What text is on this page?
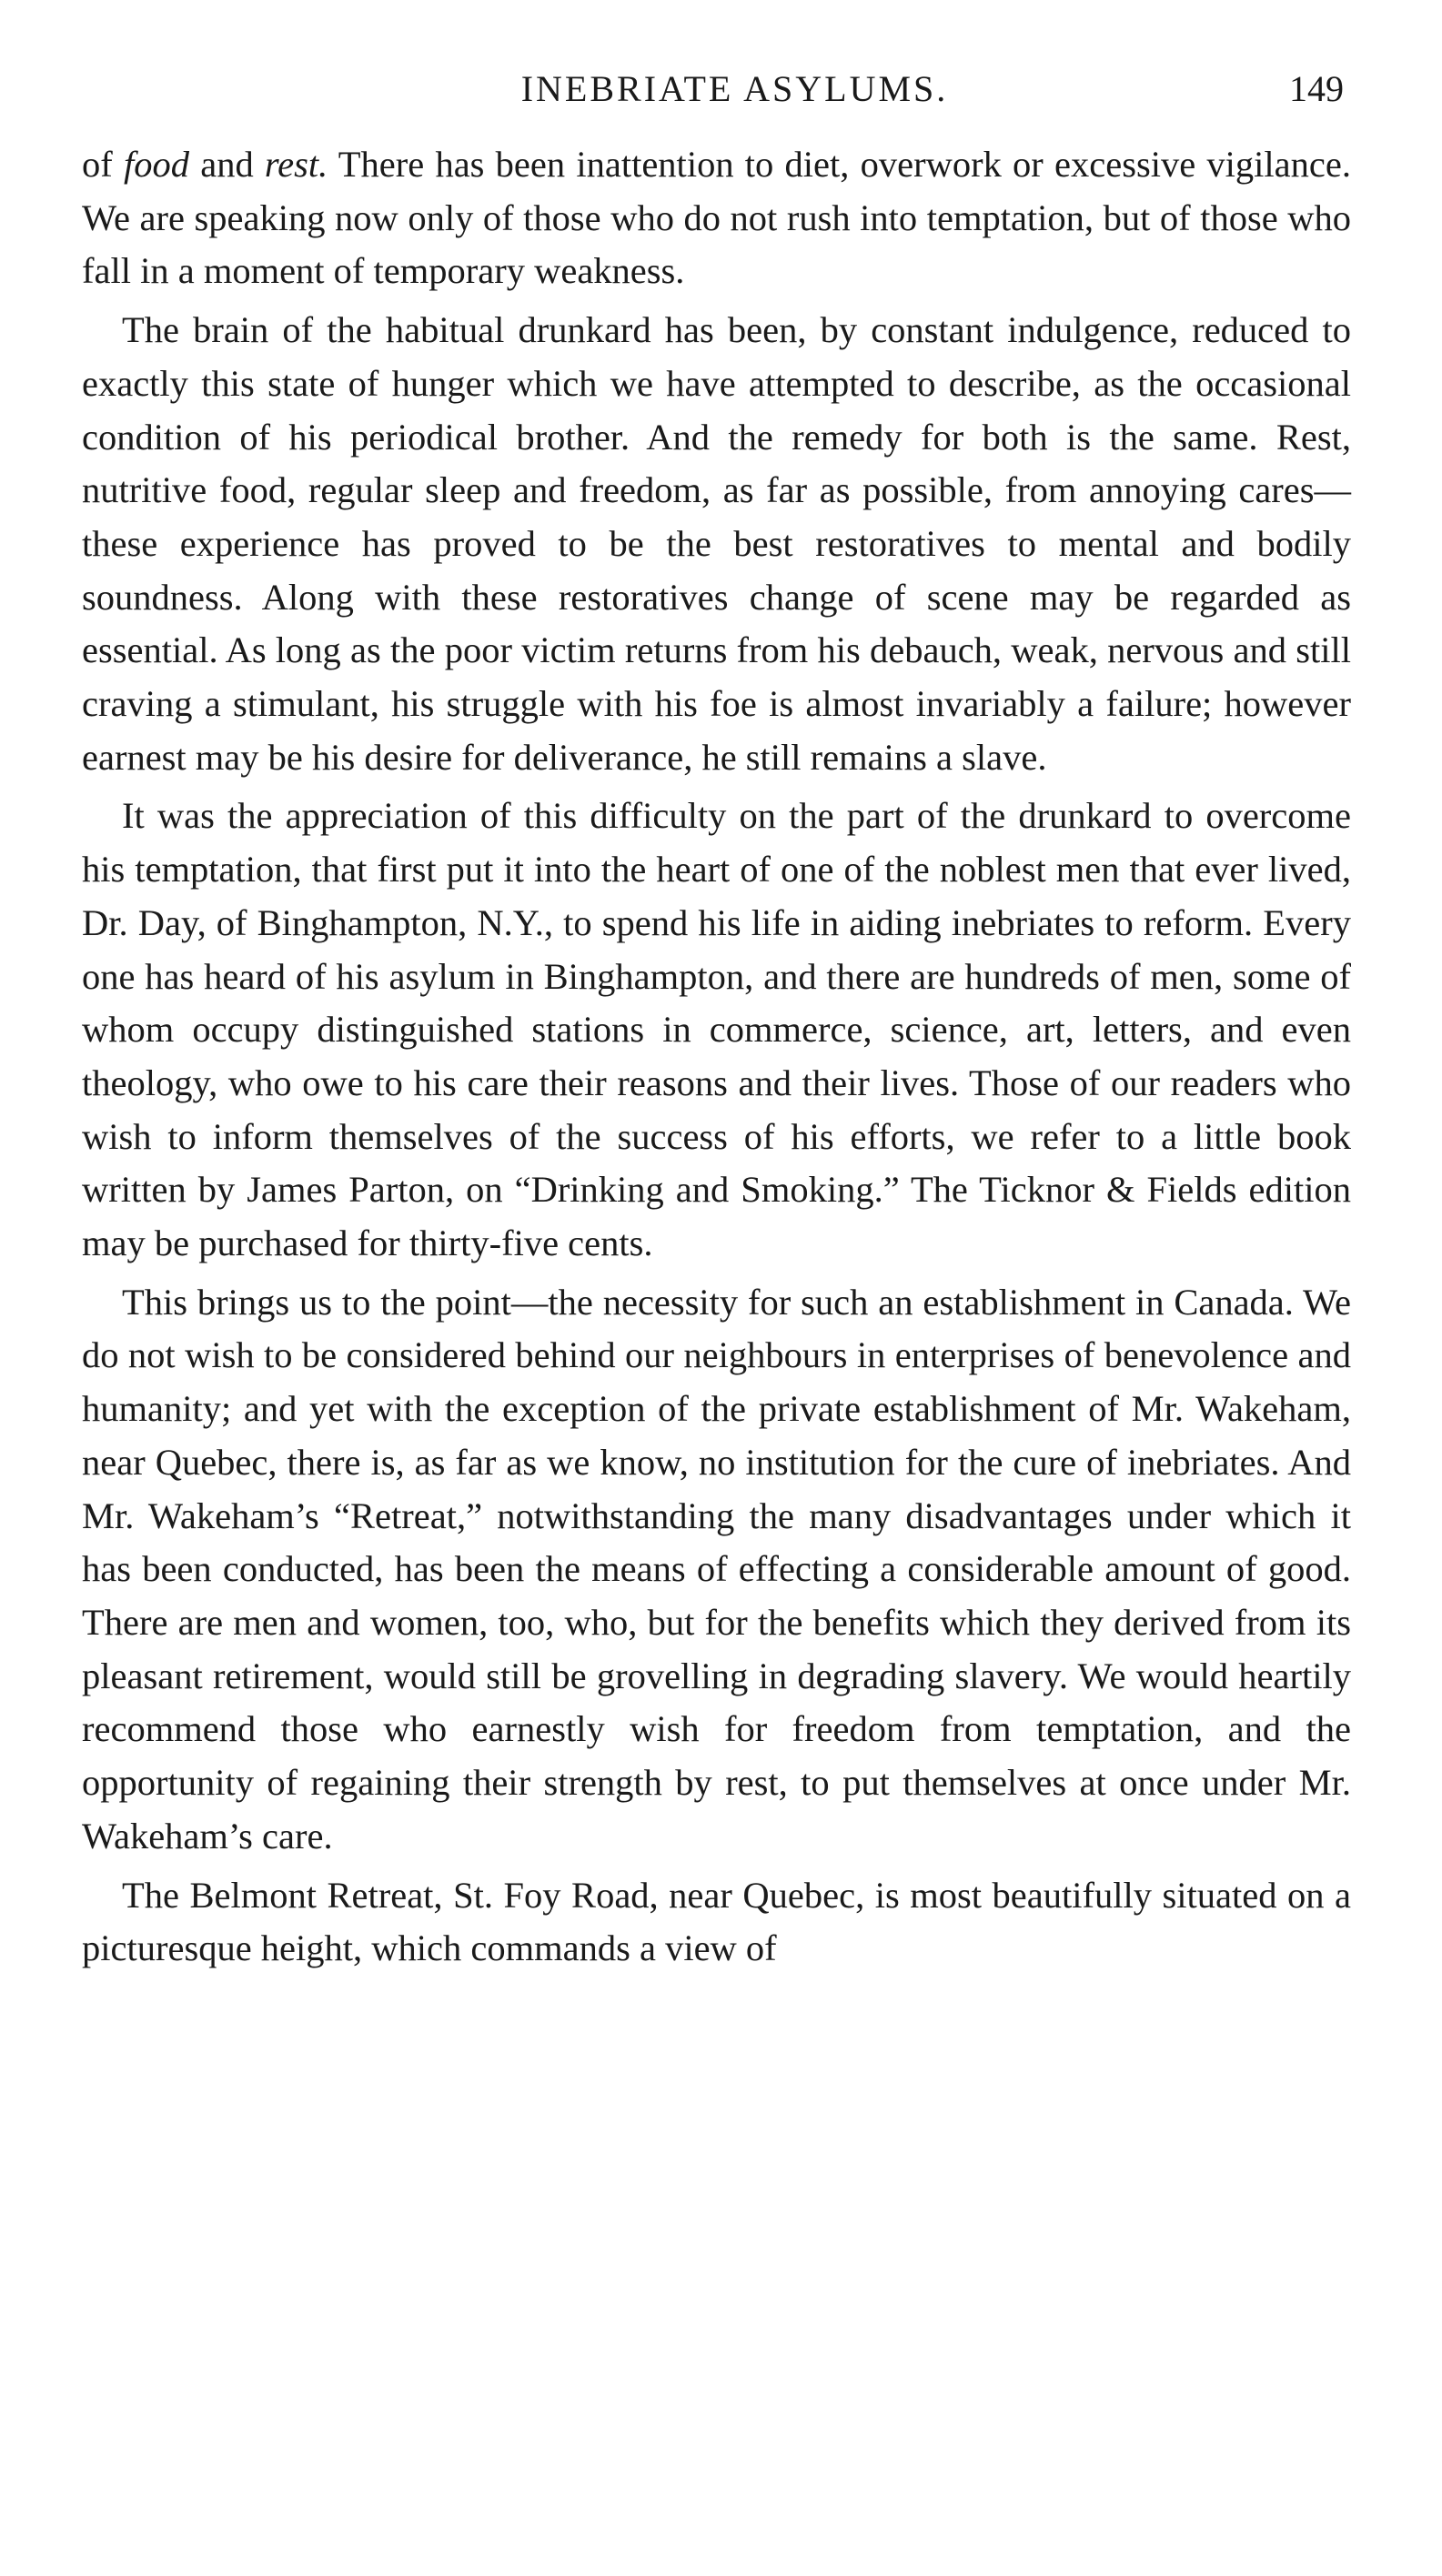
INEBRIATE ASYLUMS.	149

of food and rest. There has been inattention to diet, overwork or excessive vigilance. We are speaking now only of those who do not rush into temptation, but of those who fall in a moment of temporary weakness.

The brain of the habitual drunkard has been, by constant indulgence, reduced to exactly this state of hunger which we have attempted to describe, as the occasional condition of his periodical brother. And the remedy for both is the same. Rest, nutritive food, regular sleep and freedom, as far as possible, from annoying cares—these experience has proved to be the best restoratives to mental and bodily soundness. Along with these restoratives change of scene may be regarded as essential. As long as the poor victim returns from his debauch, weak, nervous and still craving a stimulant, his struggle with his foe is almost invariably a failure; however earnest may be his desire for deliverance, he still remains a slave.

It was the appreciation of this difficulty on the part of the drunkard to overcome his temptation, that first put it into the heart of one of the noblest men that ever lived, Dr. Day, of Binghampton, N.Y., to spend his life in aiding inebriates to reform. Every one has heard of his asylum in Binghampton, and there are hundreds of men, some of whom occupy distinguished stations in commerce, science, art, letters, and even theology, who owe to his care their reasons and their lives. Those of our readers who wish to inform themselves of the success of his efforts, we refer to a little book written by James Parton, on “Drinking and Smoking.” The Ticknor & Fields edition may be purchased for thirty-five cents.

This brings us to the point—the necessity for such an establishment in Canada. We do not wish to be considered behind our neighbours in enterprises of benevolence and humanity; and yet with the exception of the private establishment of Mr. Wakeham, near Quebec, there is, as far as we know, no institution for the cure of inebriates. And Mr. Wakeham’s “Retreat,” notwithstanding the many disadvantages under which it has been conducted, has been the means of effecting a considerable amount of good. There are men and women, too, who, but for the benefits which they derived from its pleasant retirement, would still be grovelling in degrading slavery. We would heartily recommend those who earnestly wish for freedom from temptation, and the opportunity of regaining their strength by rest, to put themselves at once under Mr. Wakeham’s care.

The Belmont Retreat, St. Foy Road, near Quebec, is most beautifully situated on a picturesque height, which commands a view of
